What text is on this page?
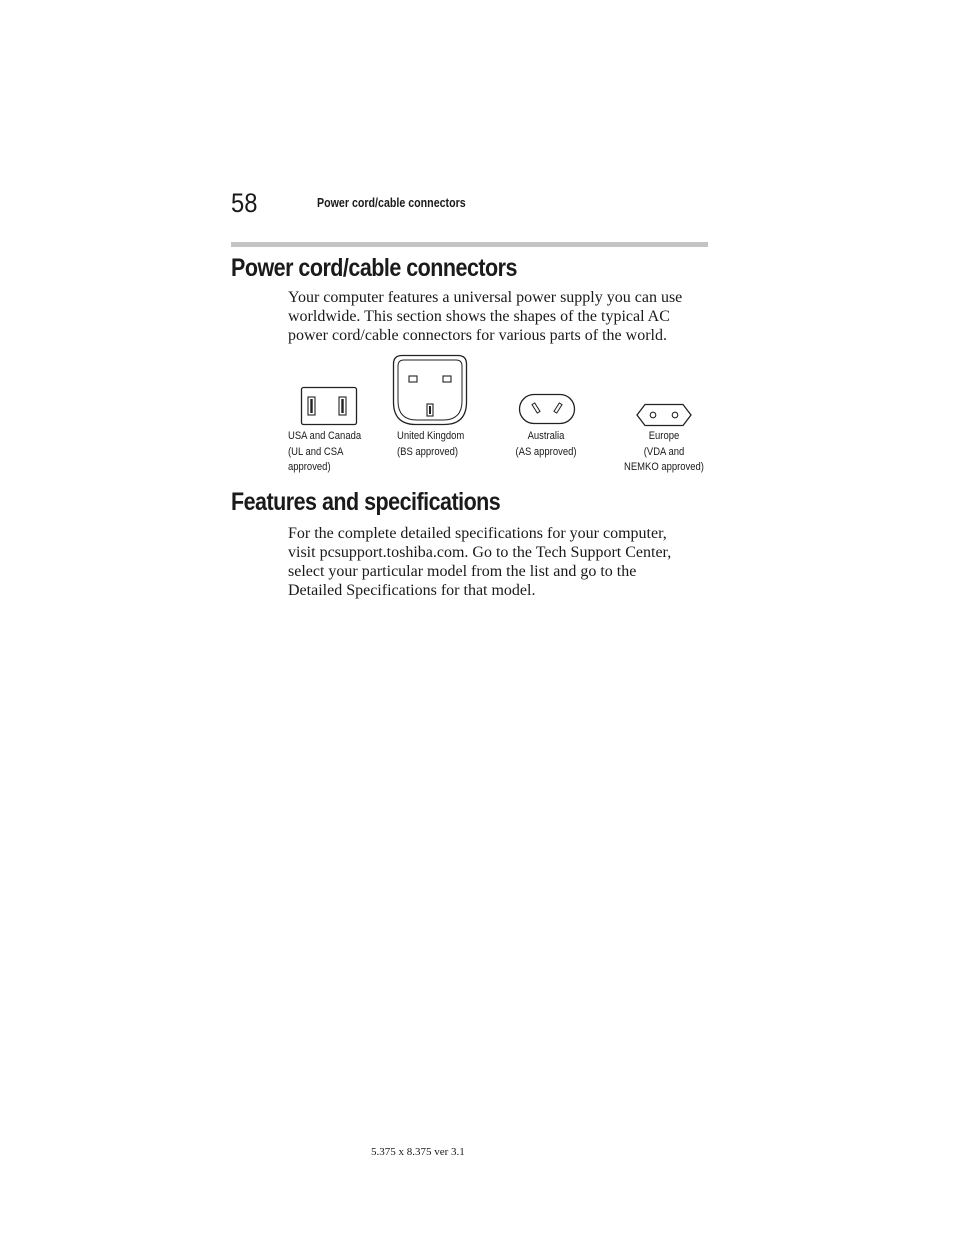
58	Power cord/cable connectors
Power cord/cable connectors

Your computer features a universal power supply you can use
worldwide. This section shows the shapes of the typical AC
power cord/cable connectors for various parts of the world.

USA and Canada
(UL and CSA
approved)
United Kingdom
(BS approved)
Australia
(AS approved)
Europe
(VDA and
NEMKO approved)
Features and specifications

For the complete detailed specifications for your computer,
visit pcsupport.toshiba.com. Go to the Tech Support Center,
select your particular model from the list and go to the
Detailed Specifications for that model.

5.375 x 8.375 ver 3.1
